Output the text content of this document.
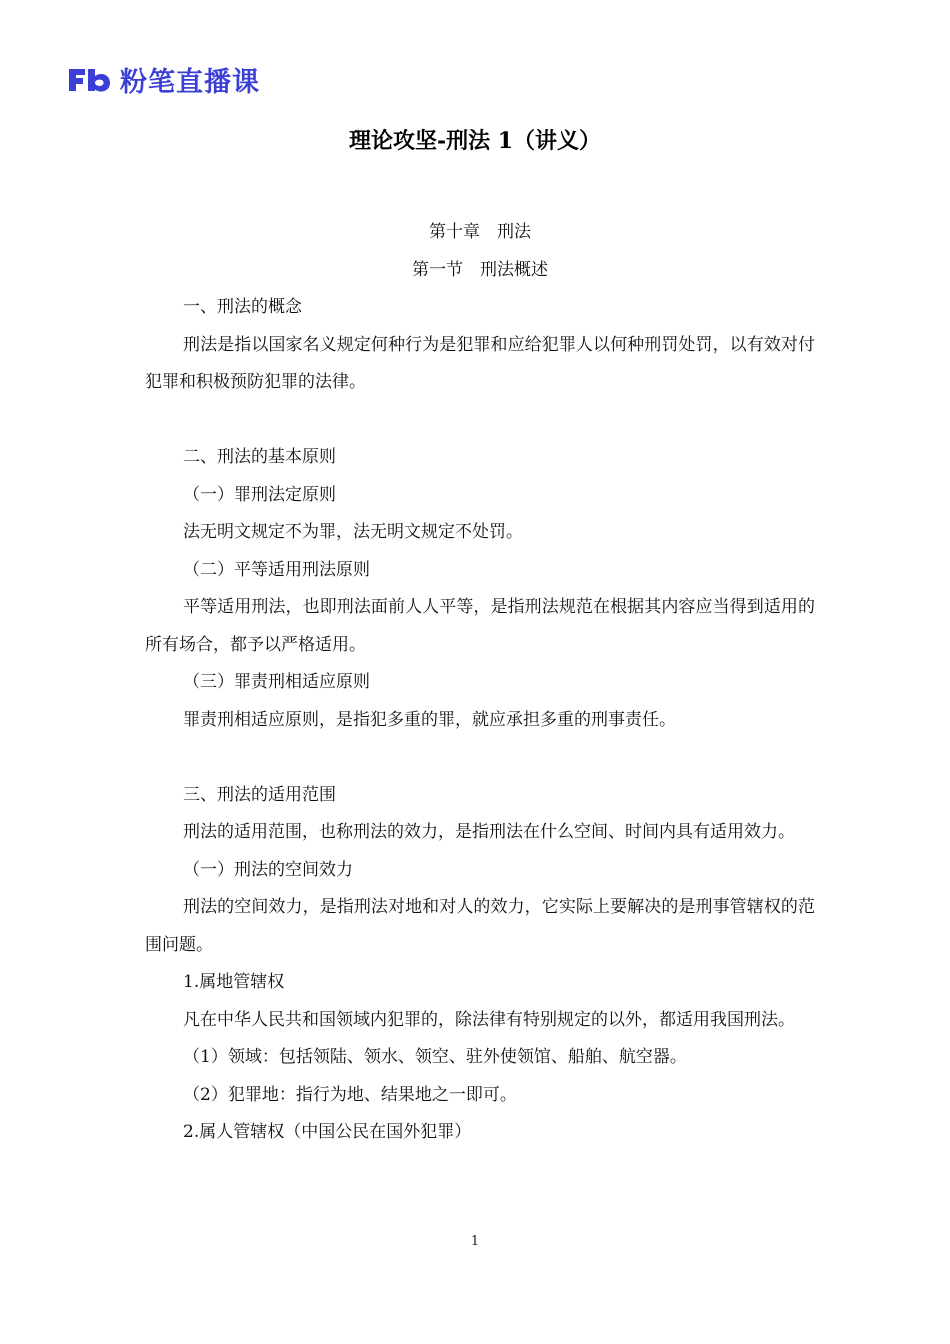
粉笔直播课
理论攻坚-刑法 1（讲义）

第十章　刑法

第一节　刑法概述

一、刑法的概念

刑法是指以国家名义规定何种行为是犯罪和应给犯罪人以何种刑罚处罚，以有效对付犯罪和积极预防犯罪的法律。

二、刑法的基本原则

（一）罪刑法定原则

法无明文规定不为罪，法无明文规定不处罚。

（二）平等适用刑法原则

平等适用刑法，也即刑法面前人人平等，是指刑法规范在根据其内容应当得到适用的所有场合，都予以严格适用。

（三）罪责刑相适应原则

罪责刑相适应原则，是指犯多重的罪，就应承担多重的刑事责任。

三、刑法的适用范围

刑法的适用范围，也称刑法的效力，是指刑法在什么空间、时间内具有适用效力。

（一）刑法的空间效力

刑法的空间效力，是指刑法对地和对人的效力，它实际上要解决的是刑事管辖权的范围问题。

1.属地管辖权

凡在中华人民共和国领域内犯罪的，除法律有特别规定的以外，都适用我国刑法。

（1）领域：包括领陆、领水、领空、驻外使领馆、船舶、航空器。

（2）犯罪地：指行为地、结果地之一即可。

2.属人管辖权（中国公民在国外犯罪）

1
